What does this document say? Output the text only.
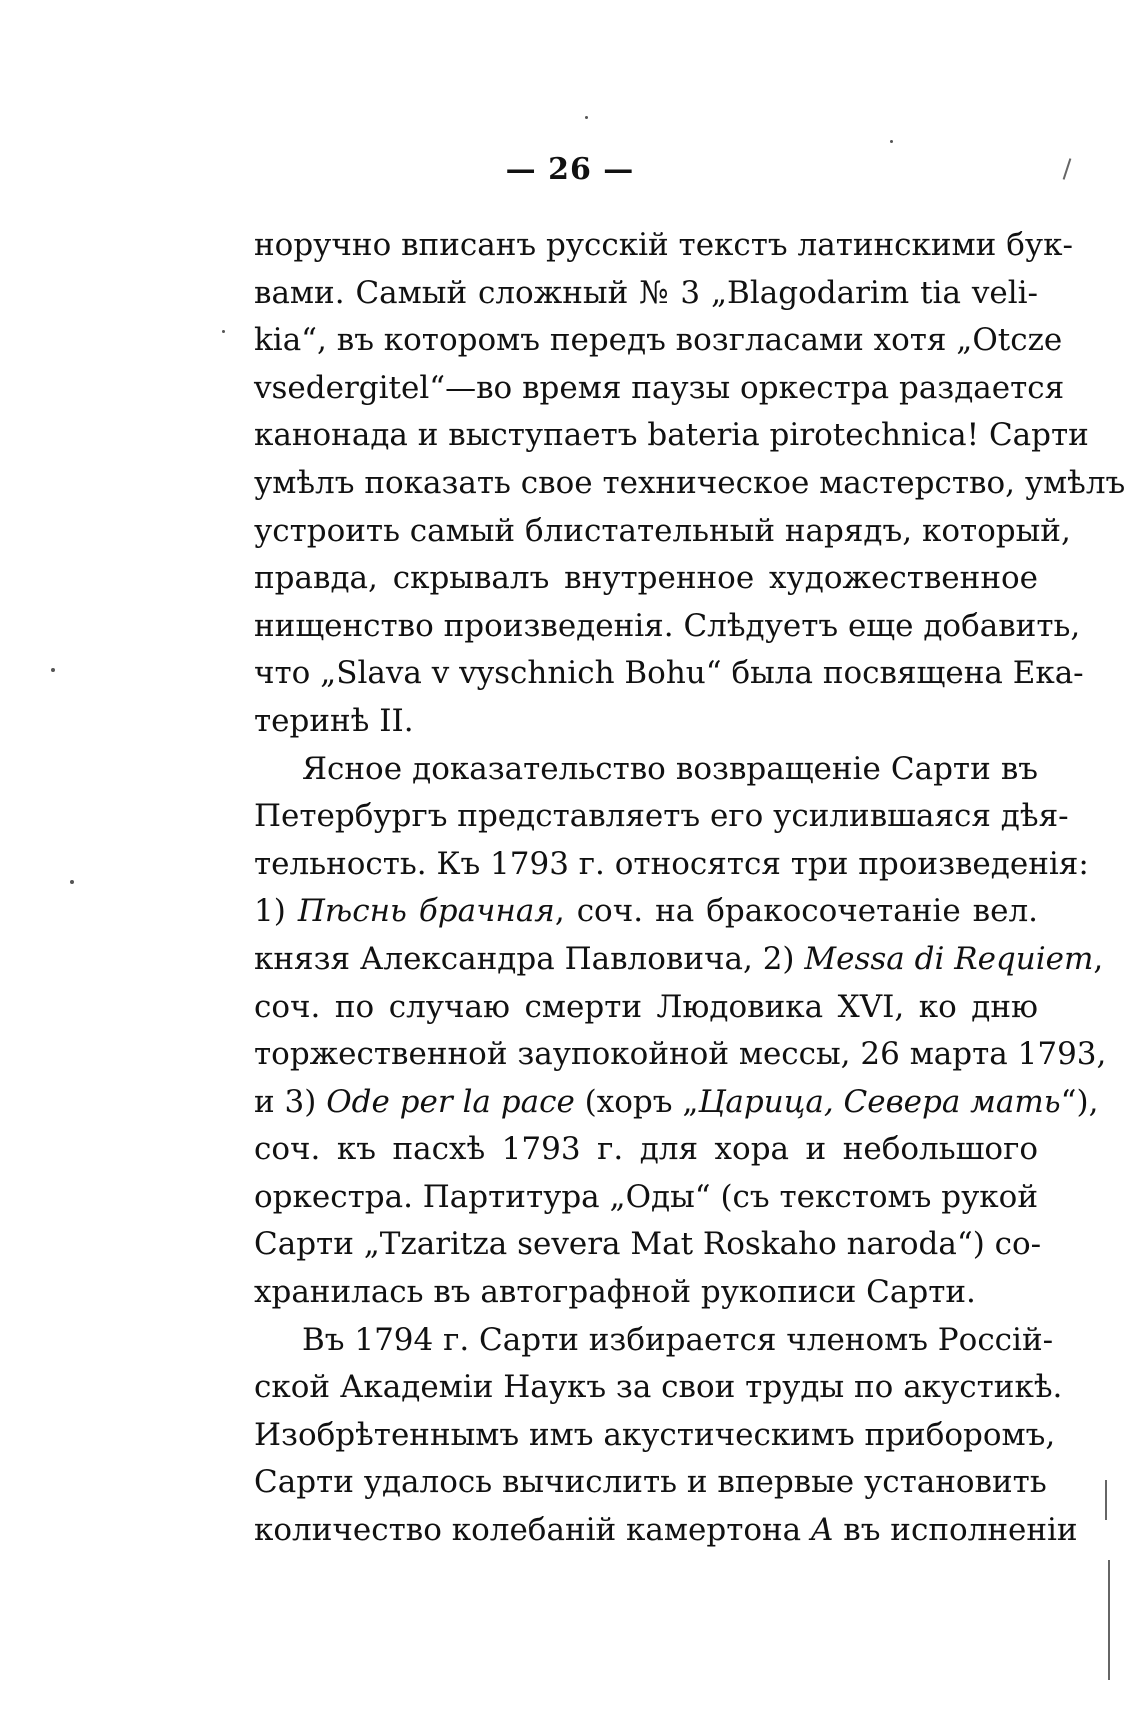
— 26 —
норучно вписанъ русскій текстъ латинскими бук-
вами. Самый сложный № 3 „Blagodarim tia veli-
kia“, въ которомъ передъ возгласами хотя „Otcze
vsedergitel“—во время паузы оркестра раздается
канонада и выступаетъ bateria pirotechnica! Сарти
умѣлъ показать свое техническое мастерство, умѣлъ
устроить самый блистательный нарядъ, который,
правда, скрывалъ внутренное художественное
нищенство произведенія. Слѣдуетъ еще добавить,
что „Slava v vyschnich Bohu“ была посвящена Ека-
теринѣ II.
Ясное доказательство возвращеніе Сарти въ
Петербургъ представляетъ его усилившаяся дѣя-
тельность. Къ 1793 г. относятся три произведенія:
1) Пѣснь брачная, соч. на бракосочетаніе вел.
князя Александра Павловича, 2) Messa di Requiem,
соч. по случаю смерти Людовика XVI, ко дню
торжественной заупокойной мессы, 26 марта 1793,
и 3) Ode per la pace (хоръ „Царица, Севера мать“),
соч. къ пасхѣ 1793 г. для хора и небольшого
оркестра. Партитура „Оды“ (съ текстомъ рукой
Сарти „Tzaritza severa Mat Roskaho naroda“) со-
хранилась въ автографной рукописи Сарти.
Въ 1794 г. Сарти избирается членомъ Россій-
ской Академіи Наукъ за свои труды по акустикѣ.
Изобрѣтеннымъ имъ акустическимъ приборомъ,
Сарти удалось вычислить и впервые установить
количество колебаній камертона A въ исполненіи
